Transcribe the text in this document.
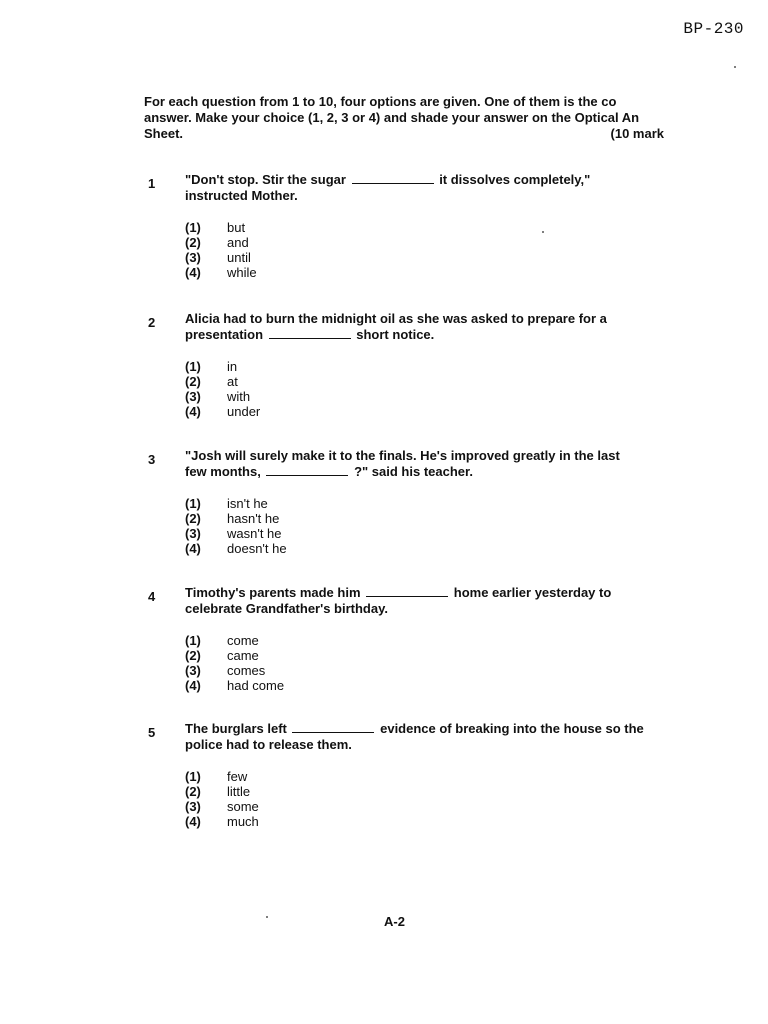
BP-230
For each question from 1 to 10, four options are given. One of them is the co
answer. Make your choice (1, 2, 3 or 4) and shade your answer on the Optical An
Sheet.	(10 mark
1 "Don't stop. Stir the sugar	it dissolves completely," instructed Mother.
(1)	but
(2)	and
(3)	until
(4)	while
2 Alicia had to burn the midnight oil as she was asked to prepare for a presentation	short notice.
(1)	in
(2)	at
(3)	with
(4)	under
3 "Josh will surely make it to the finals. He's improved greatly in the last few months,	?" said his teacher.
(1)	isn't he
(2)	hasn't he
(3)	wasn't he
(4)	doesn't he
4 Timothy's parents made him	home earlier yesterday to celebrate Grandfather's birthday.
(1)	come
(2)	came
(3)	comes
(4)	had come
5 The burglars left	evidence of breaking into the house so the police had to release them.
(1)	few
(2)	little
(3)	some
(4)	much
A-2
